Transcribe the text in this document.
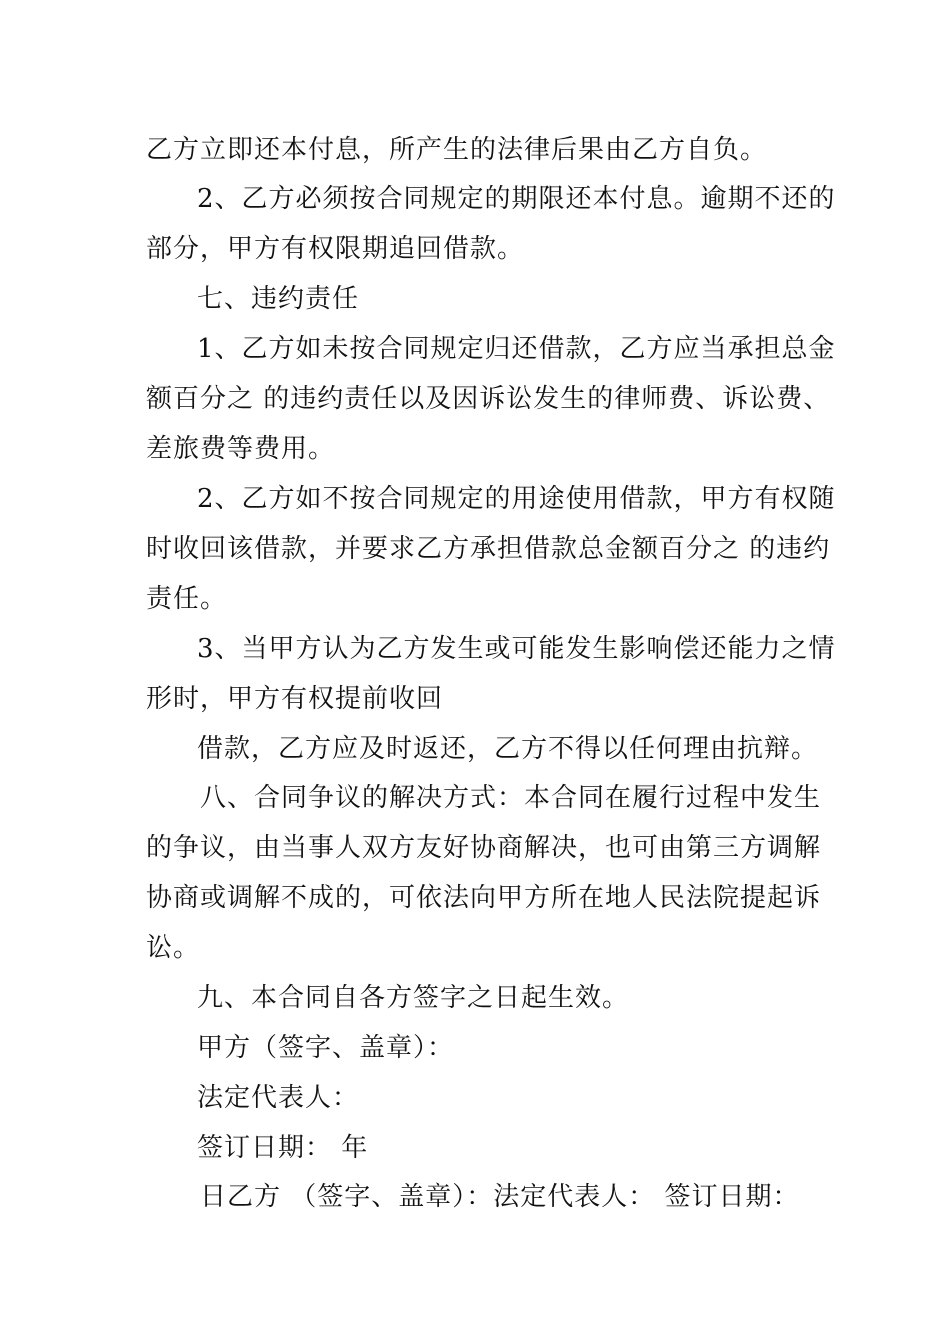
乙方立即还本付息，所产生的法律后果由乙方自负。
2、乙方必须按合同规定的期限还本付息。逾期不还的
部分，甲方有权限期追回借款。
七、违约责任
1、乙方如未按合同规定归还借款，乙方应当承担总金
额百分之 的违约责任以及因诉讼发生的律师费、诉讼费、
差旅费等费用。
2、乙方如不按合同规定的用途使用借款，甲方有权随
时收回该借款，并要求乙方承担借款总金额百分之 的违约
责任。
3、当甲方认为乙方发生或可能发生影响偿还能力之情
形时，甲方有权提前收回
借款，乙方应及时返还，乙方不得以任何理由抗辩。
八、合同争议的解决方式：本合同在履行过程中发生
的争议，由当事人双方友好协商解决，也可由第三方调解
协商或调解不成的，可依法向甲方所在地人民法院提起诉
讼。
九、本合同自各方签字之日起生效。
甲方（签字、盖章）：
法定代表人：
签订日期： 年
日乙方 （签字、盖章）：法定代表人： 签订日期：
